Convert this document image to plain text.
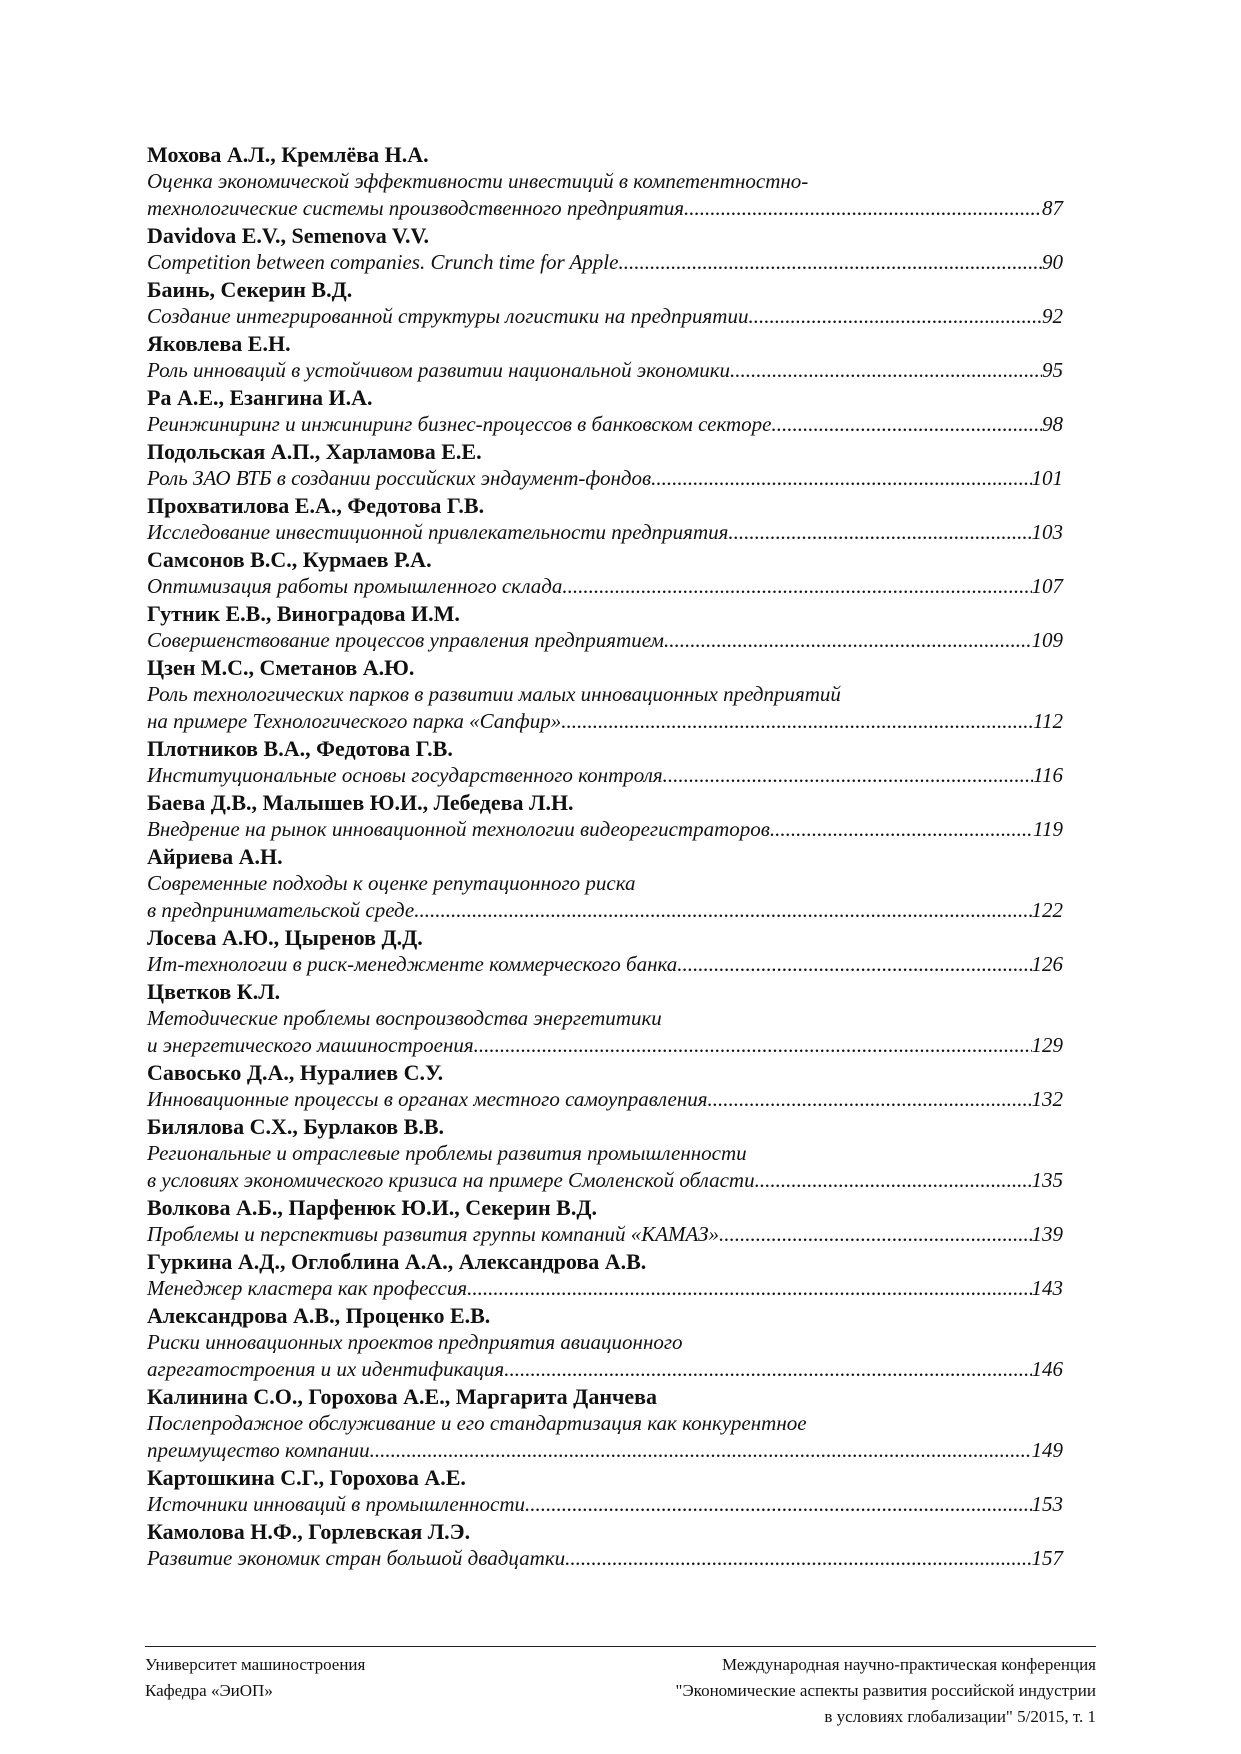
Мохова А.Л., Кремлёва Н.А.
Оценка экономической эффективности инвестиций в компетентностно-
технологические системы производственного предприятия .....	87
Davidova E.V., Semenova V.V.
Competition between companies. Crunch time for Apple .....	90
Баинь, Секерин В.Д.
Создание интегрированной структуры логистики на предприятии .....	92
Яковлева Е.Н.
Роль инноваций в устойчивом развитии национальной экономики .....	95
Ра А.Е., Езангина И.А.
Реинжиниринг и инжиниринг бизнес-процессов в банковском секторе .....	98
Подольская А.П., Харламова Е.Е.
Роль ЗАО ВТБ в создании российских эндаумент-фондов .....	101
Прохватилова Е.А., Федотова Г.В.
Исследование инвестиционной привлекательности предприятия .....	103
Самсонов В.С., Курмаев Р.А.
Оптимизация работы промышленного склада .....	107
Гутник Е.В., Виноградова И.М.
Совершенствование процессов управления предприятием .....	109
Цзен М.С., Сметанов А.Ю.
Роль технологических парков в развитии малых инновационных предприятий
на примере Технологического парка «Сапфир» .....	112
Плотников В.А., Федотова Г.В.
Институциональные основы государственного контроля .....	116
Баева Д.В., Малышев Ю.И., Лебедева Л.Н.
Внедрение на рынок инновационной технологии видеорегистраторов .....	119
Айриева А.Н.
Современные подходы к оценке репутационного риска
в предпринимательской среде .....	122
Лосева А.Ю., Цыренов Д.Д.
Ит-технологии в риск-менеджменте коммерческого банка .....	126
Цветков К.Л.
Методические проблемы воспроизводства энергетитики
и энергетического машиностроения .....	129
Савосько Д.А., Нуралиев С.У.
Инновационные процессы в органах местного самоуправления .....	132
Билялова С.Х., Бурлаков В.В.
Региональные и отраслевые проблемы развития промышленности
в условиях экономического кризиса на примере Смоленской области .....	135
Волкова А.Б., Парфенюк Ю.И., Секерин В.Д.
Проблемы и перспективы развития группы компаний «КАМАЗ» .....	139
Гуркина А.Д., Оглоблина А.А., Александрова А.В.
Менеджер кластера как профессия .....	143
Александрова А.В., Проценко Е.В.
Риски инновационных проектов предприятия авиационного
агрегатостроения и их идентификация .....	146
Калинина С.О., Горохова А.Е., Маргарита Данчева
Послепродажное обслуживание и его стандартизация как конкурентное
преимущество компании .....	149
Картошкина С.Г., Горохова А.Е.
Источники инноваций в промышленности .....	153
Камолова Н.Ф., Горлевская Л.Э.
Развитие экономик стран большой двадцатки .....	157
Университет машиностроения
Кафедра «ЭиОП»
Международная научно-практическая конференция
"Экономические аспекты развития российской индустрии
в условиях глобализации" 5/2015, т. 1
